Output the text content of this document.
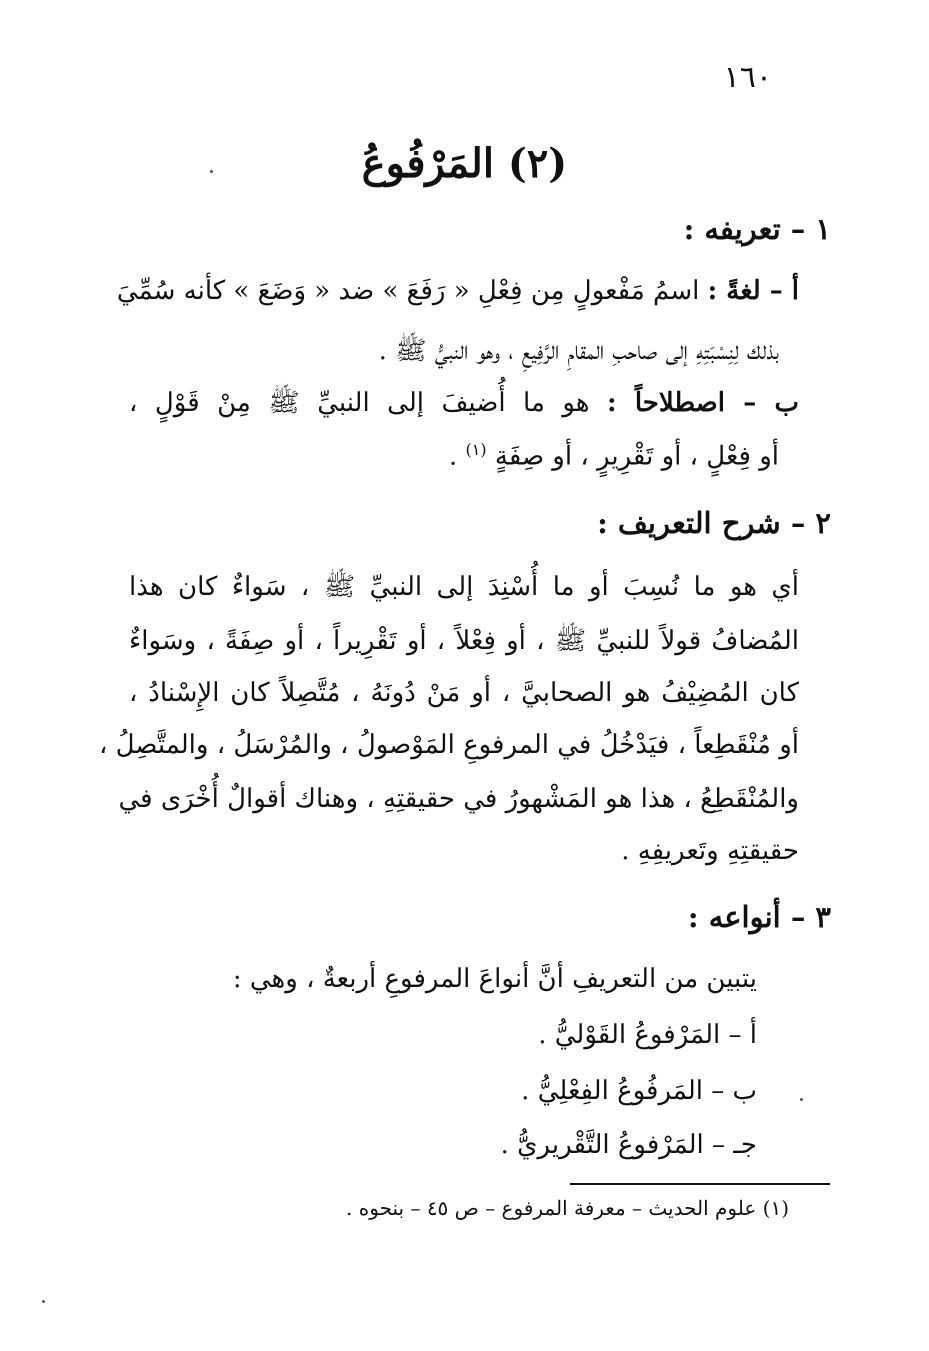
١٦٠
(٢) المَرْفُوعُ
١ – تعريفه :
أ – لغةً : اسمُ مَفْعولٍ مِن فِعْلِ « رَفَعَ » ضد « وَضَعَ » كأنه سُمِّيَ
بذلك لِنِسْبَتِهِ إلى صاحبِ المقامِ الرَّفِيعِ ، وهو النبيُّ ﷺ .
ب – اصطلاحاً : هو ما أُضيفَ إلى النبيِّ ﷺ مِنْ قَوْلٍ ،
أو فِعْلٍ ، أو تَقْرِيرٍ ، أو صِفَةٍ $^{(١)}$ .
٢ – شرح التعريف :
أي هو ما نُسِبَ أو ما أُسْنِدَ إلى النبيِّ ﷺ ، سَواءٌ كان هذا
المُضافُ قولاً للنبيِّ ﷺ ، أو فِعْلاً ، أو تَقْرِيراً ، أو صِفَةً ، وسَواءٌ
كان المُضِيْفُ هو الصحابيَّ ، أو مَنْ دُونَهُ ، مُتَّصِلاً كان الإِسْنادُ ،
أو مُنْقَطِعاً ، فيَدْخُلُ في المرفوعِ المَوْصولُ ، والمُرْسَلُ ، والمتَّصِلُ ،
والمُنْقَطِعُ ، هذا هو المَشْهورُ في حقيقتِهِ ، وهناك أقوالٌ أُخْرَى في
حقيقتِهِ وتَعريفِهِ .
٣ – أنواعه :
يتبين من التعريفِ أنَّ أنواعَ المرفوعِ أربعةٌ ، وهي :
أ – المَرْفوعُ القَوْليُّ .
ب – المَرفُوعُ الفِعْلِيُّ .
جـ – المَرْفوعُ التَّقْريريُّ .
(١) علوم الحديث – معرفة المرفوع – ص ٤٥ – بنحوه .
